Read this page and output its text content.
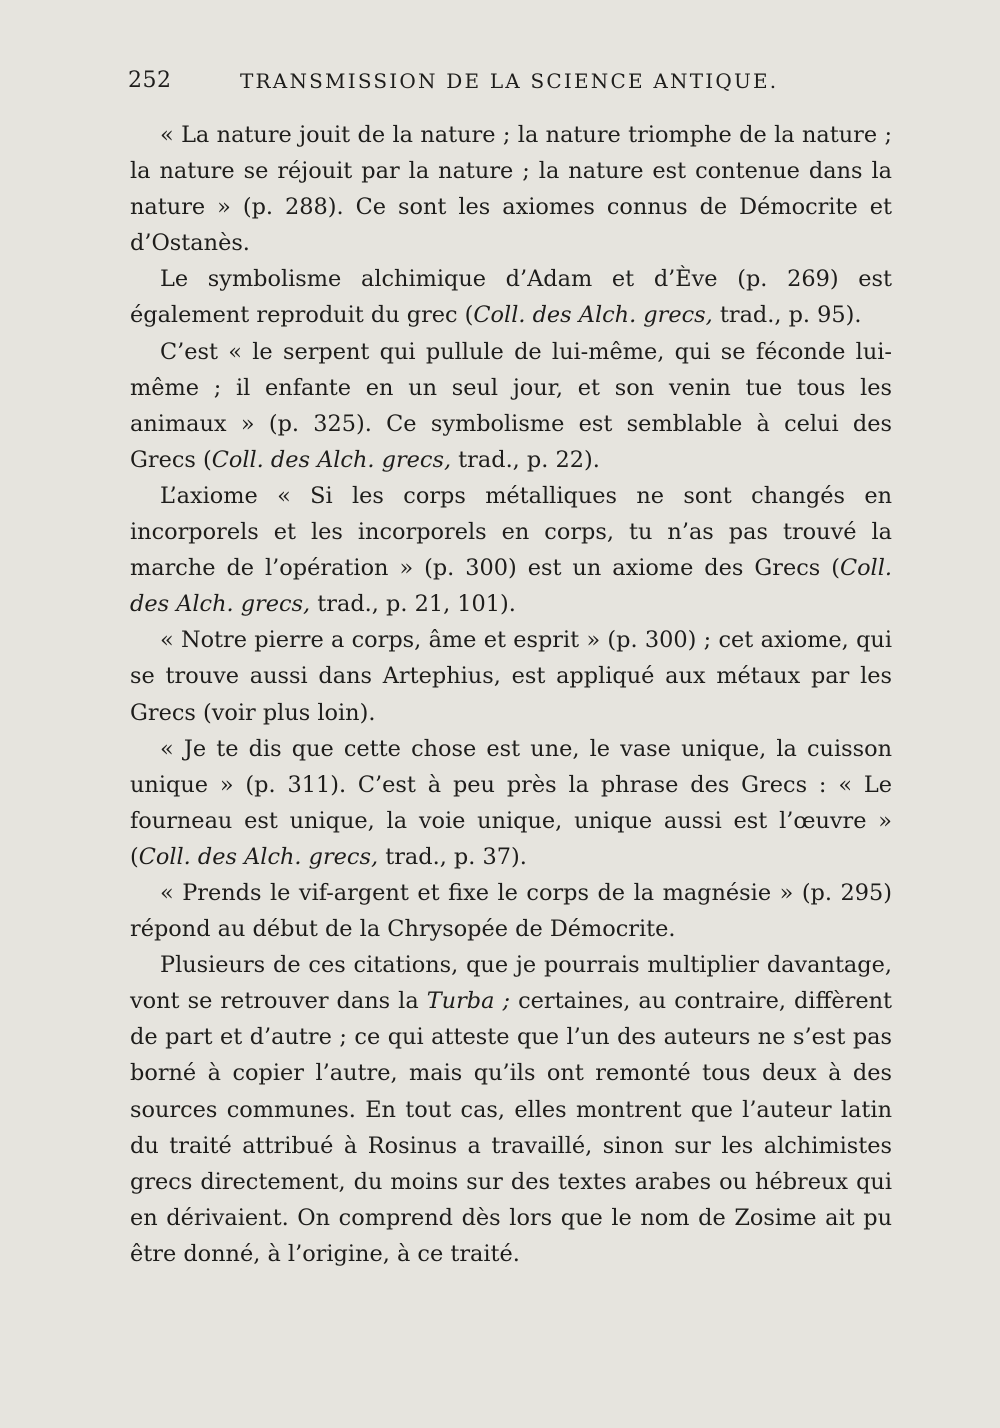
252	TRANSMISSION DE LA SCIENCE ANTIQUE.

« La nature jouit de la nature ; la nature triomphe de la nature ; la nature se réjouit par la nature ; la nature est contenue dans la nature » (p. 288). Ce sont les axiomes connus de Démocrite et d’Ostanès.

Le symbolisme alchimique d’Adam et d’Ève (p. 269) est également reproduit du grec (Coll. des Alch. grecs, trad., p. 95).

C’est « le serpent qui pullule de lui-même, qui se féconde lui-même ; il enfante en un seul jour, et son venin tue tous les animaux » (p. 325). Ce symbolisme est semblable à celui des Grecs (Coll. des Alch. grecs, trad., p. 22).

L’axiome « Si les corps métalliques ne sont changés en incorporels et les incorporels en corps, tu n’as pas trouvé la marche de l’opération » (p. 300) est un axiome des Grecs (Coll. des Alch. grecs, trad., p. 21, 101).

« Notre pierre a corps, âme et esprit » (p. 300) ; cet axiome, qui se trouve aussi dans Artephius, est appliqué aux métaux par les Grecs (voir plus loin).

« Je te dis que cette chose est une, le vase unique, la cuisson unique » (p. 311). C’est à peu près la phrase des Grecs : « Le fourneau est unique, la voie unique, unique aussi est l’œuvre » (Coll. des Alch. grecs, trad., p. 37).

« Prends le vif-argent et fixe le corps de la magnésie » (p. 295) répond au début de la Chrysopée de Démocrite.

Plusieurs de ces citations, que je pourrais multiplier davantage, vont se retrouver dans la Turba ; certaines, au contraire, diffèrent de part et d’autre ; ce qui atteste que l’un des auteurs ne s’est pas borné à copier l’autre, mais qu’ils ont remonté tous deux à des sources communes. En tout cas, elles montrent que l’auteur latin du traité attribué à Rosinus a travaillé, sinon sur les alchimistes grecs directement, du moins sur des textes arabes ou hébreux qui en dérivaient. On comprend dès lors que le nom de Zosime ait pu être donné, à l’origine, à ce traité.
